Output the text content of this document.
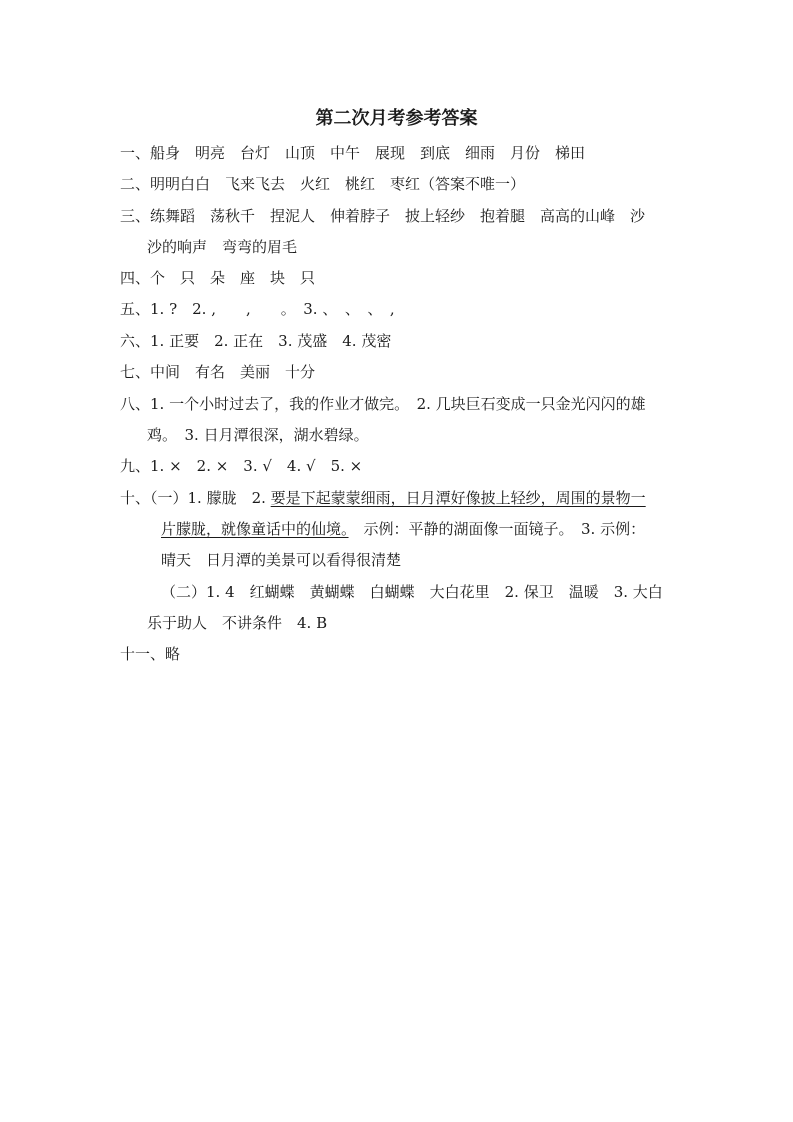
第二次月考参考答案
一、船身　明亮　台灯　山顶　中午　展现　到底　细雨　月份　梯田
二、明明白白　飞来飞去　火红　桃红　枣红（答案不唯一）
三、练舞蹈　荡秋千　捏泥人　伸着脖子　披上轻纱　抱着腿　高高的山峰　沙
沙的响声　弯弯的眉毛
四、个　只　朵　座　块　只
五、1. ?　2. ,　　,　　。　3. 、　、　、　,
六、1. 正要　2. 正在　3. 茂盛　4. 茂密
七、中间　有名　美丽　十分
八、1. 一个小时过去了，我的作业才做完。　2. 几块巨石变成一只金光闪闪的雄
鸡。　3. 日月潭很深，湖水碧绿。
九、1. ×　2. ×　3. √　4. √　5. ×
十、（一）1. 朦胧　2. 要是下起蒙蒙细雨，日月潭好像披上轻纱，周围的景物一
片朦胧，就像童话中的仙境。　示例：平静的湖面像一面镜子。　3. 示例：
晴天　日月潭的美景可以看得很清楚
（二）1. 4　红蝴蝶　黄蝴蝶　白蝴蝶　大白花里　2. 保卫　温暖　3. 大白
乐于助人　不讲条件　4. B
十一、略
